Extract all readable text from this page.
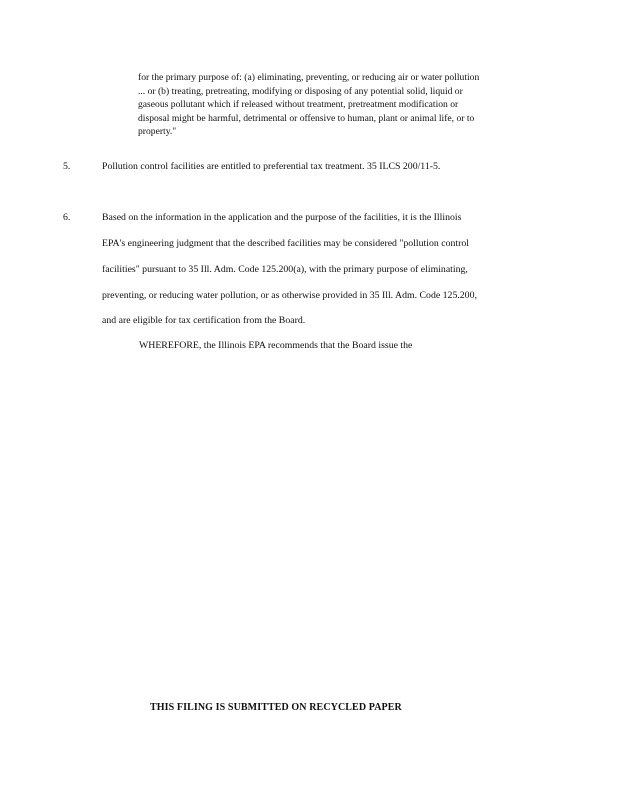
for the primary purpose of: (a) eliminating, preventing, or reducing air or water pollution
... or (b) treating, pretreating, modifying or disposing of any potential solid, liquid or
gaseous pollutant which if released without treatment, pretreatment modification or
disposal might be harmful, detrimental or offensive to human, plant or animal life, or to
property."
5.	Pollution control facilities are entitled to preferential tax treatment. 35 ILCS 200/11-5.
6.	Based on the information in the application and the purpose of the facilities, it is the Illinois
EPA's engineering judgment that the described facilities may be considered "pollution control
facilities" pursuant to 35 Ill. Adm. Code 125.200(a), with the primary purpose of eliminating,
preventing, or reducing water pollution, or as otherwise provided in 35 Ill. Adm. Code 125.200,
and are eligible for tax certification from the Board.
WHEREFORE, the Illinois EPA recommends that the Board issue the
THIS FILING IS SUBMITTED ON RECYCLED PAPER
